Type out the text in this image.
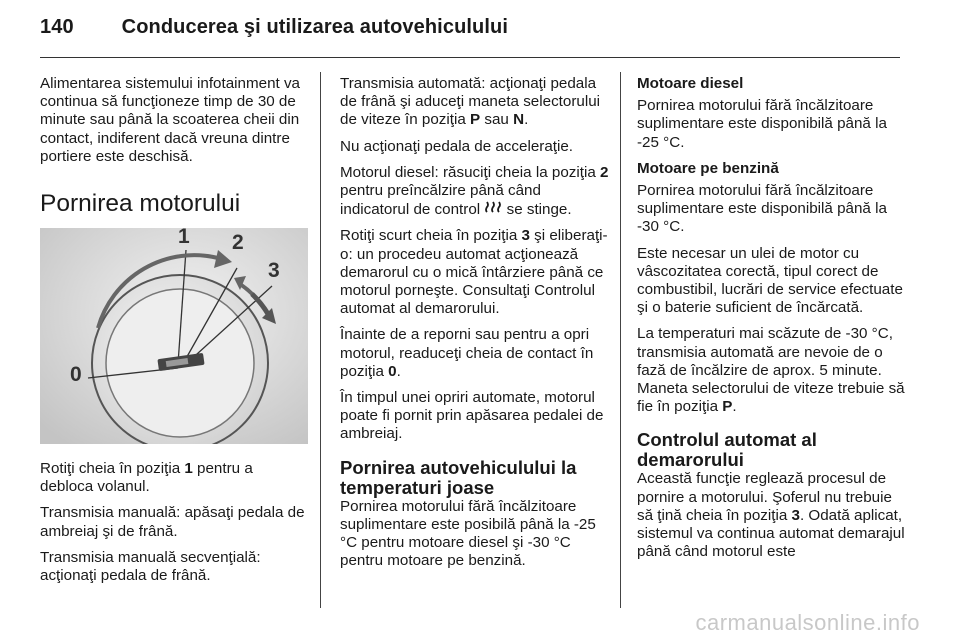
140 Conducerea şi utilizarea autovehiculului

Alimentarea sistemului infotainment va continua să funcţioneze timp de 30 de minute sau până la scoaterea cheii din contact, indiferent dacă vreuna dintre portiere este deschisă.

Pornirea motorului
0
1 2
3

Rotiţi cheia în poziţia 1 pentru a debloca volanul.

Transmisia manuală: apăsaţi pedala de ambreiaj şi de frână.

Transmisia manuală secvenţială: acţionaţi pedala de frână.

Transmisia automată: acţionaţi pedala de frână şi aduceţi maneta selectorului de viteze în poziţia P sau N.

Nu acţionaţi pedala de acceleraţie.

Motorul diesel: răsuciţi cheia la poziţia 2 pentru preîncălzire până când indicatorul de control  se stinge.

Rotiţi scurt cheia în poziţia 3 şi eliberaţi-o: un procedeu automat acţionează demarorul cu o mică întârziere până ce motorul porneşte. Consultaţi Controlul automat al demarorului.

Înainte de a reporni sau pentru a opri motorul, readuceţi cheia de contact în poziţia 0.

În timpul unei opriri automate, motorul poate fi pornit prin apăsarea pedalei de ambreiaj.

Pornirea autovehiculului la temperaturi joase

Pornirea motorului fără încălzitoare suplimentare este posibilă până la -25 °C pentru motoare diesel şi -30 °C pentru motoare pe benzină.

Motoare diesel

Pornirea motorului fără încălzitoare suplimentare este disponibilă până la -25 °C.

Motoare pe benzină

Pornirea motorului fără încălzitoare suplimentare este disponibilă până la -30 °C.

Este necesar un ulei de motor cu vâscozitatea corectă, tipul corect de combustibil, lucrări de service efectuate şi o baterie suficient de încărcată.

La temperaturi mai scăzute de -30 °C, transmisia automată are nevoie de o fază de încălzire de aprox. 5 minute. Maneta selectorului de viteze trebuie să fie în poziţia P.

Controlul automat al demarorului

Această funcţie reglează procesul de pornire a motorului. Şoferul nu trebuie să ţină cheia în poziţia 3. Odată aplicat, sistemul va continua automat demarajul până când motorul este

carmanualsonline.info
